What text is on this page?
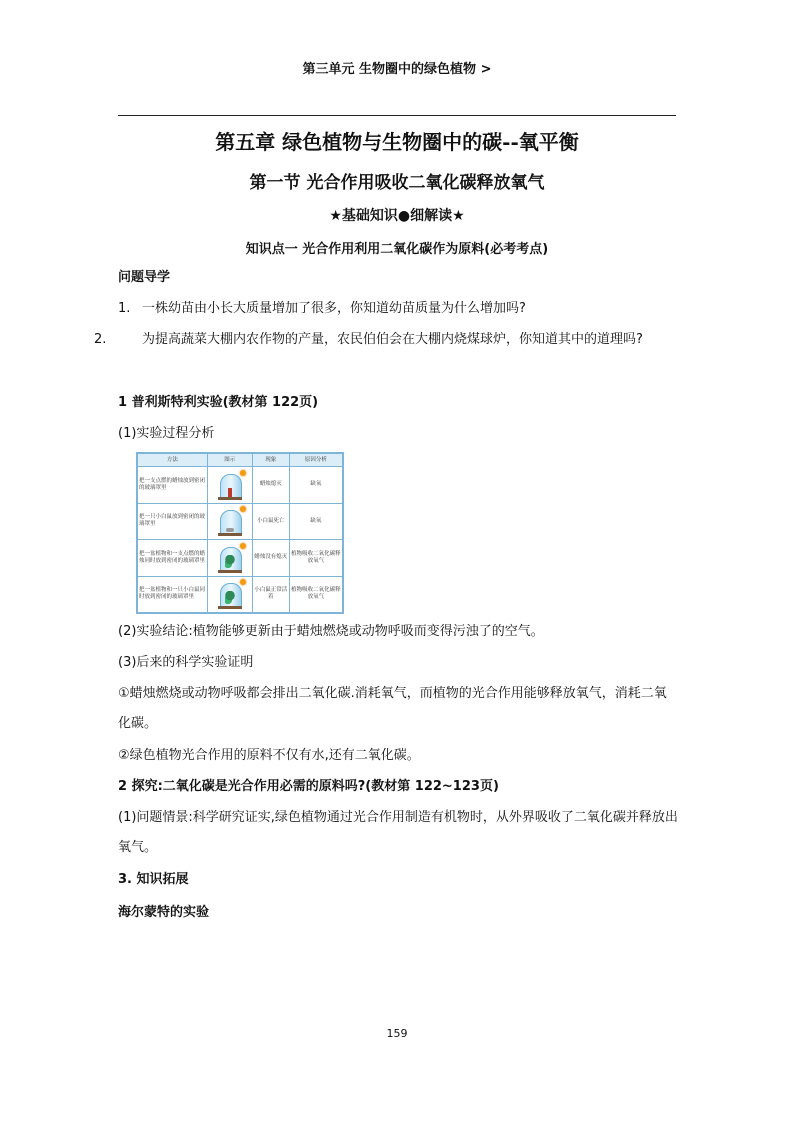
第三单元 生物圈中的绿色植物 >
第五章 绿色植物与生物圈中的碳--氧平衡
第一节 光合作用吸收二氧化碳释放氧气
★基础知识●细解读★
知识点一 光合作用利用二氧化碳作为原料(必考考点)
问题导学
1. 一株幼苗由小长大质量增加了很多，你知道幼苗质量为什么增加吗?
2.	为提高蔬菜大棚内农作物的产量，农民伯伯会在大棚内烧煤球炉，你知道其中的道理吗?
1 普利斯特利实验(教材第 122页)
(1)实验过程分析
方法	图示	现象	原因分析
把一支点燃的蜡烛放到密闭的玻璃罩里		蜡烛熄灭	缺氧
把一只小白鼠放到密闭的玻璃罩里		小白鼠死亡	缺氧
把一盆植物和一支点燃的蜡烛同时放到密闭的玻璃罩里		蜡烛没有熄灭	植物吸收二氧化碳释放氧气
把一盆植物和一只小白鼠同时放到密闭的玻璃罩里		小白鼠正常活着	植物吸收二氧化碳释放氧气
(2)实验结论:植物能够更新由于蜡烛燃烧或动物呼吸而变得污浊了的空气。
(3)后来的科学实验证明
①蜡烛燃烧或动物呼吸都会排出二氧化碳.消耗氧气，而植物的光合作用能够释放氧气，消耗二氧化碳。
②绿色植物光合作用的原料不仅有水,还有二氧化碳。
2 探究:二氧化碳是光合作用必需的原料吗?(教材第 122~123页)
(1)问题情景:科学研究证实,绿色植物通过光合作用制造有机物时，从外界吸收了二氧化碳并释放出氧气。
3. 知识拓展
海尔蒙特的实验
159
